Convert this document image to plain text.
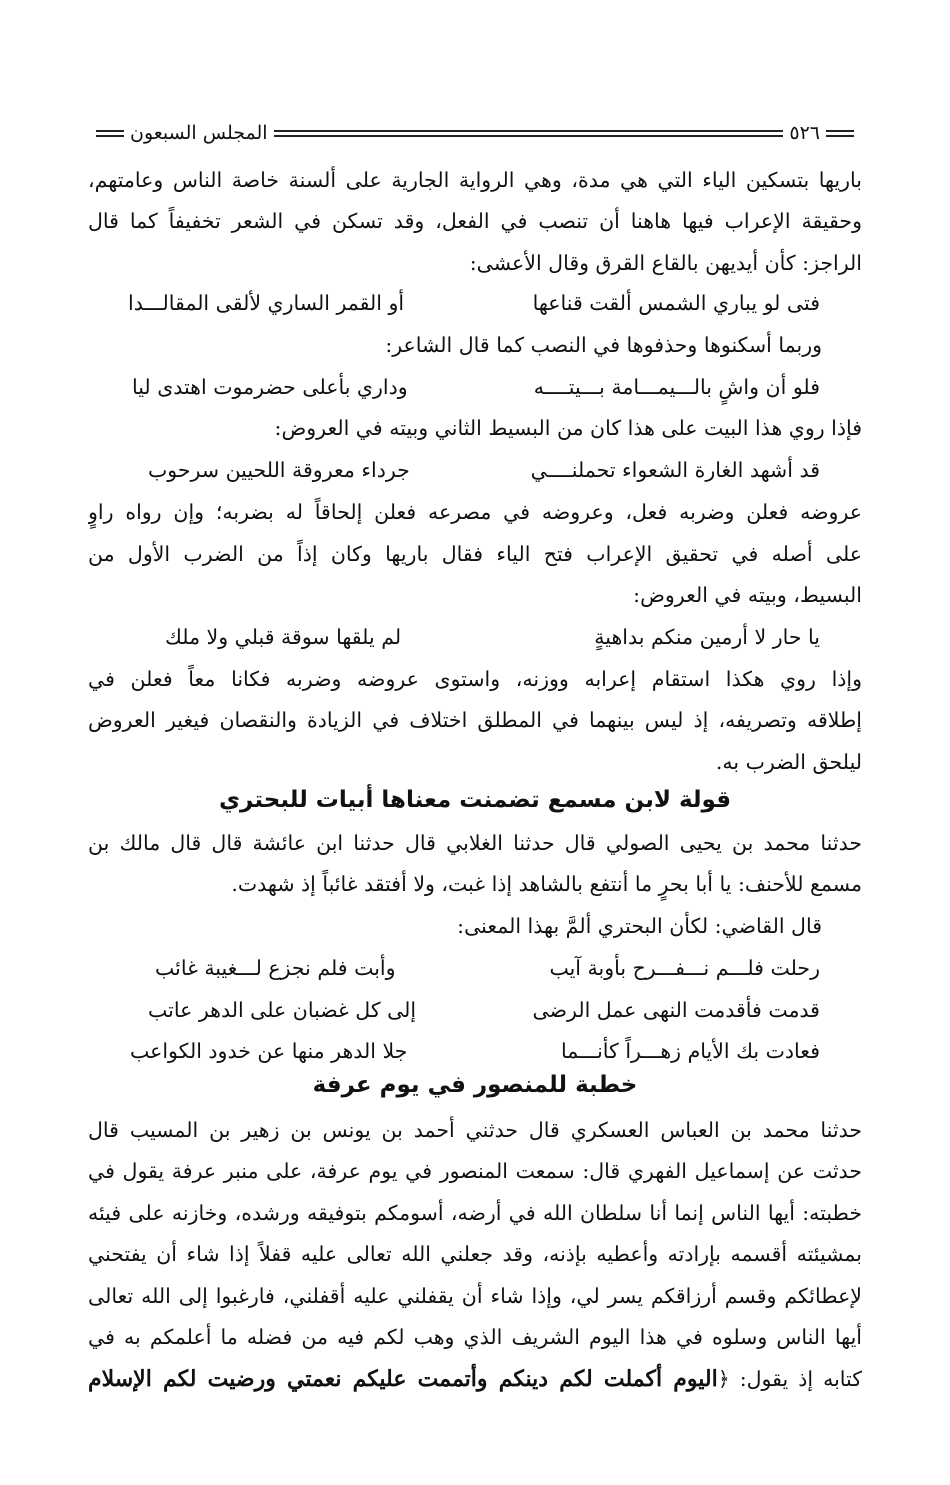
٥٢٦
المجلس السبعون
باريها بتسكين الياء التي هي مدة، وهي الرواية الجارية على ألسنة خاصة الناس وعامتهم،
وحقيقة الإعراب فيها هاهنا أن تنصب في الفعل، وقد تسكن في الشعر تخفيفاً كما قال
الراجز: كأن أيديهن بالقاع القرق وقال الأعشى:
فتى لو يباري الشمس ألقت قناعها
أو القمر الساري لألقى المقالـــدا
وربما أسكنوها وحذفوها في النصب كما قال الشاعر:
فلو أن واشٍ بالـــيمـــامة بـــيتــــه
وداري بأعلى حضرموت اهتدى ليا
فإذا روي هذا البيت على هذا كان من البسيط الثاني وبيته في العروض:
قد أشهد الغارة الشعواء تحملنــــي
جرداء معروقة اللحيين سرحوب
عروضه فعلن وضربه فعل، وعروضه في مصرعه فعلن إلحاقاً له بضربه؛ وإن رواه راوٍ
على أصله في تحقيق الإعراب فتح الياء فقال باريها وكان إذاً من الضرب الأول من
البسيط، وبيته في العروض:
يا حار لا أرمين منكم بداهيةٍ
لم يلقها سوقة قبلي ولا ملك
وإذا روي هكذا استقام إعرابه ووزنه، واستوى عروضه وضربه فكانا معاً فعلن في
إطلاقه وتصريفه، إذ ليس بينهما في المطلق اختلاف في الزيادة والنقصان فيغير العروض
ليلحق الضرب به.
قولة لابن مسمع تضمنت معناها أبيات للبحتري
حدثنا محمد بن يحيى الصولي قال حدثنا الغلابي قال حدثنا ابن عائشة قال قال مالك بن
مسمع للأحنف: يا أبا بحرٍ ما أنتفع بالشاهد إذا غبت، ولا أفتقد غائباً إذ شهدت.
قال القاضي: لكأن البحتري ألمَّ بهذا المعنى:
رحلت فلـــم نـــفـــرح بأوبة آيب
وأبت فلم نجزع لـــغيبة غائب
قدمت فأقدمت النهى عمل الرضى
إلى كل غضبان على الدهر عاتب
فعادت بك الأيام زهـــراً كأنـــما
جلا الدهر منها عن خدود الكواعب
خطبة للمنصور في يوم عرفة
حدثنا محمد بن العباس العسكري قال حدثني أحمد بن يونس بن زهير بن المسيب قال
حدثت عن إسماعيل الفهري قال: سمعت المنصور في يوم عرفة، على منبر عرفة يقول في
خطبته: أيها الناس إنما أنا سلطان الله في أرضه، أسومكم بتوفيقه ورشده، وخازنه على فيئه
بمشيئته أقسمه بإرادته وأعطيه بإذنه، وقد جعلني الله تعالى عليه قفلاً إذا شاء أن يفتحني
لإعطائكم وقسم أرزاقكم يسر لي، وإذا شاء أن يقفلني عليه أقفلني، فارغبوا إلى الله تعالى
أيها الناس وسلوه في هذا اليوم الشريف الذي وهب لكم فيه من فضله ما أعلمكم به في
كتابه إذ يقول: ﴿اليوم أكملت لكم دينكم وأتممت عليكم نعمتي ورضيت لكم الإسلام
